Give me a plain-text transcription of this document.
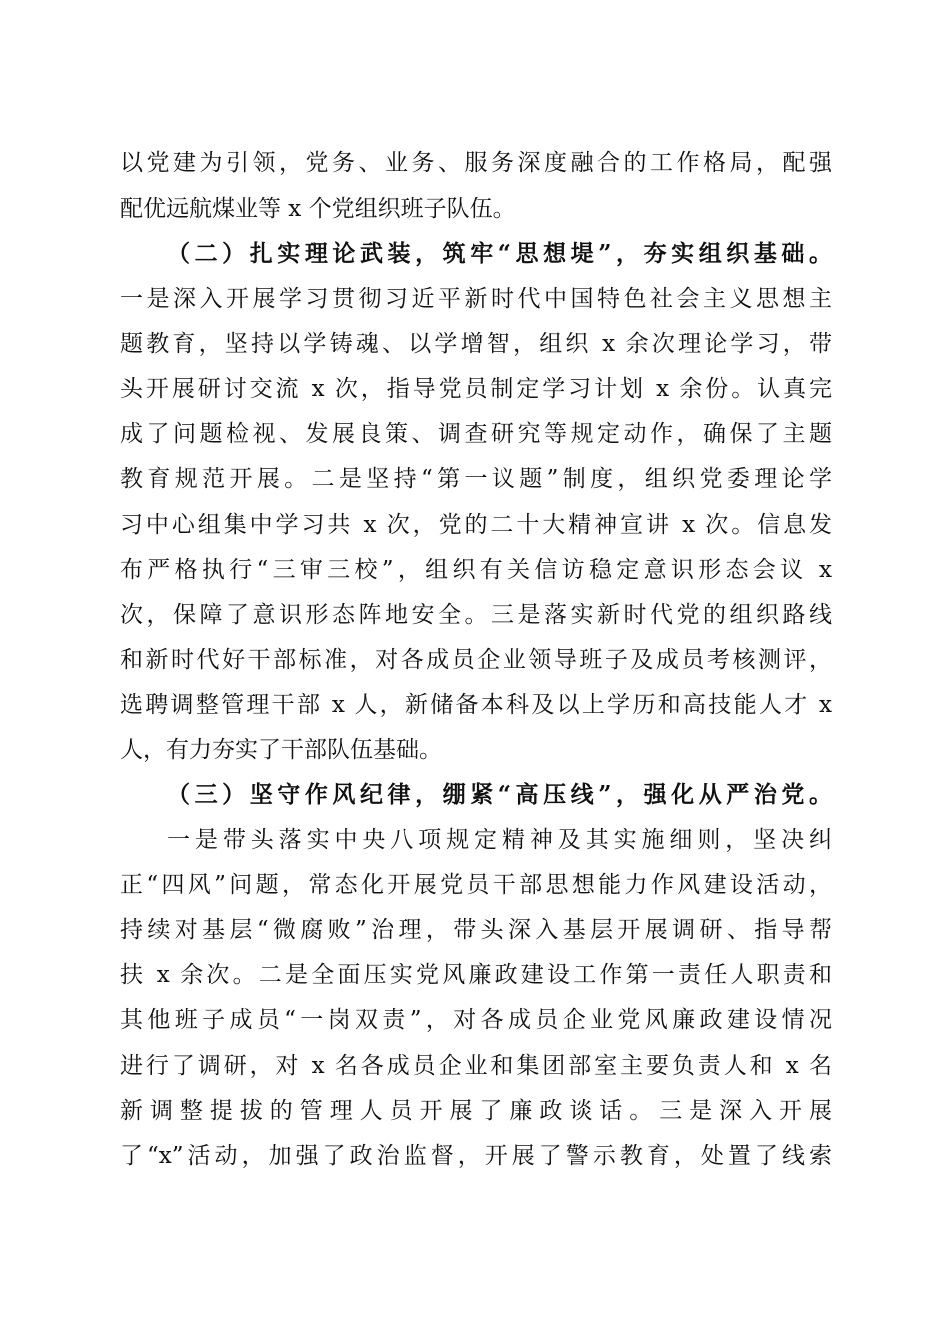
以党建为引领，党务、业务、服务深度融合的工作格局，配强
配优远航煤业等 x 个党组织班子队伍。
（二）扎实理论武装，筑牢“思想堤”，夯实组织基础。
一是深入开展学习贯彻习近平新时代中国特色社会主义思想主
题教育，坚持以学铸魂、以学增智，组织 x 余次理论学习，带
头开展研讨交流 x 次，指导党员制定学习计划 x 余份。认真完
成了问题检视、发展良策、调查研究等规定动作，确保了主题
教育规范开展。二是坚持“第一议题”制度，组织党委理论学
习中心组集中学习共 x 次，党的二十大精神宣讲 x 次。信息发
布严格执行“三审三校”，组织有关信访稳定意识形态会议 x
次，保障了意识形态阵地安全。三是落实新时代党的组织路线
和新时代好干部标准，对各成员企业领导班子及成员考核测评，
选聘调整管理干部 x 人，新储备本科及以上学历和高技能人才 x
人，有力夯实了干部队伍基础。
（三）坚守作风纪律，绷紧“高压线”，强化从严治党。
一是带头落实中央八项规定精神及其实施细则，坚决纠
正“四风”问题，常态化开展党员干部思想能力作风建设活动，
持续对基层“微腐败”治理，带头深入基层开展调研、指导帮
扶 x 余次。二是全面压实党风廉政建设工作第一责任人职责和
其他班子成员“一岗双责”，对各成员企业党风廉政建设情况
进行了调研，对 x 名各成员企业和集团部室主要负责人和 x 名
新调整提拔的管理人员开展了廉政谈话。三是深入开展
了“x”活动，加强了政治监督，开展了警示教育，处置了线索
